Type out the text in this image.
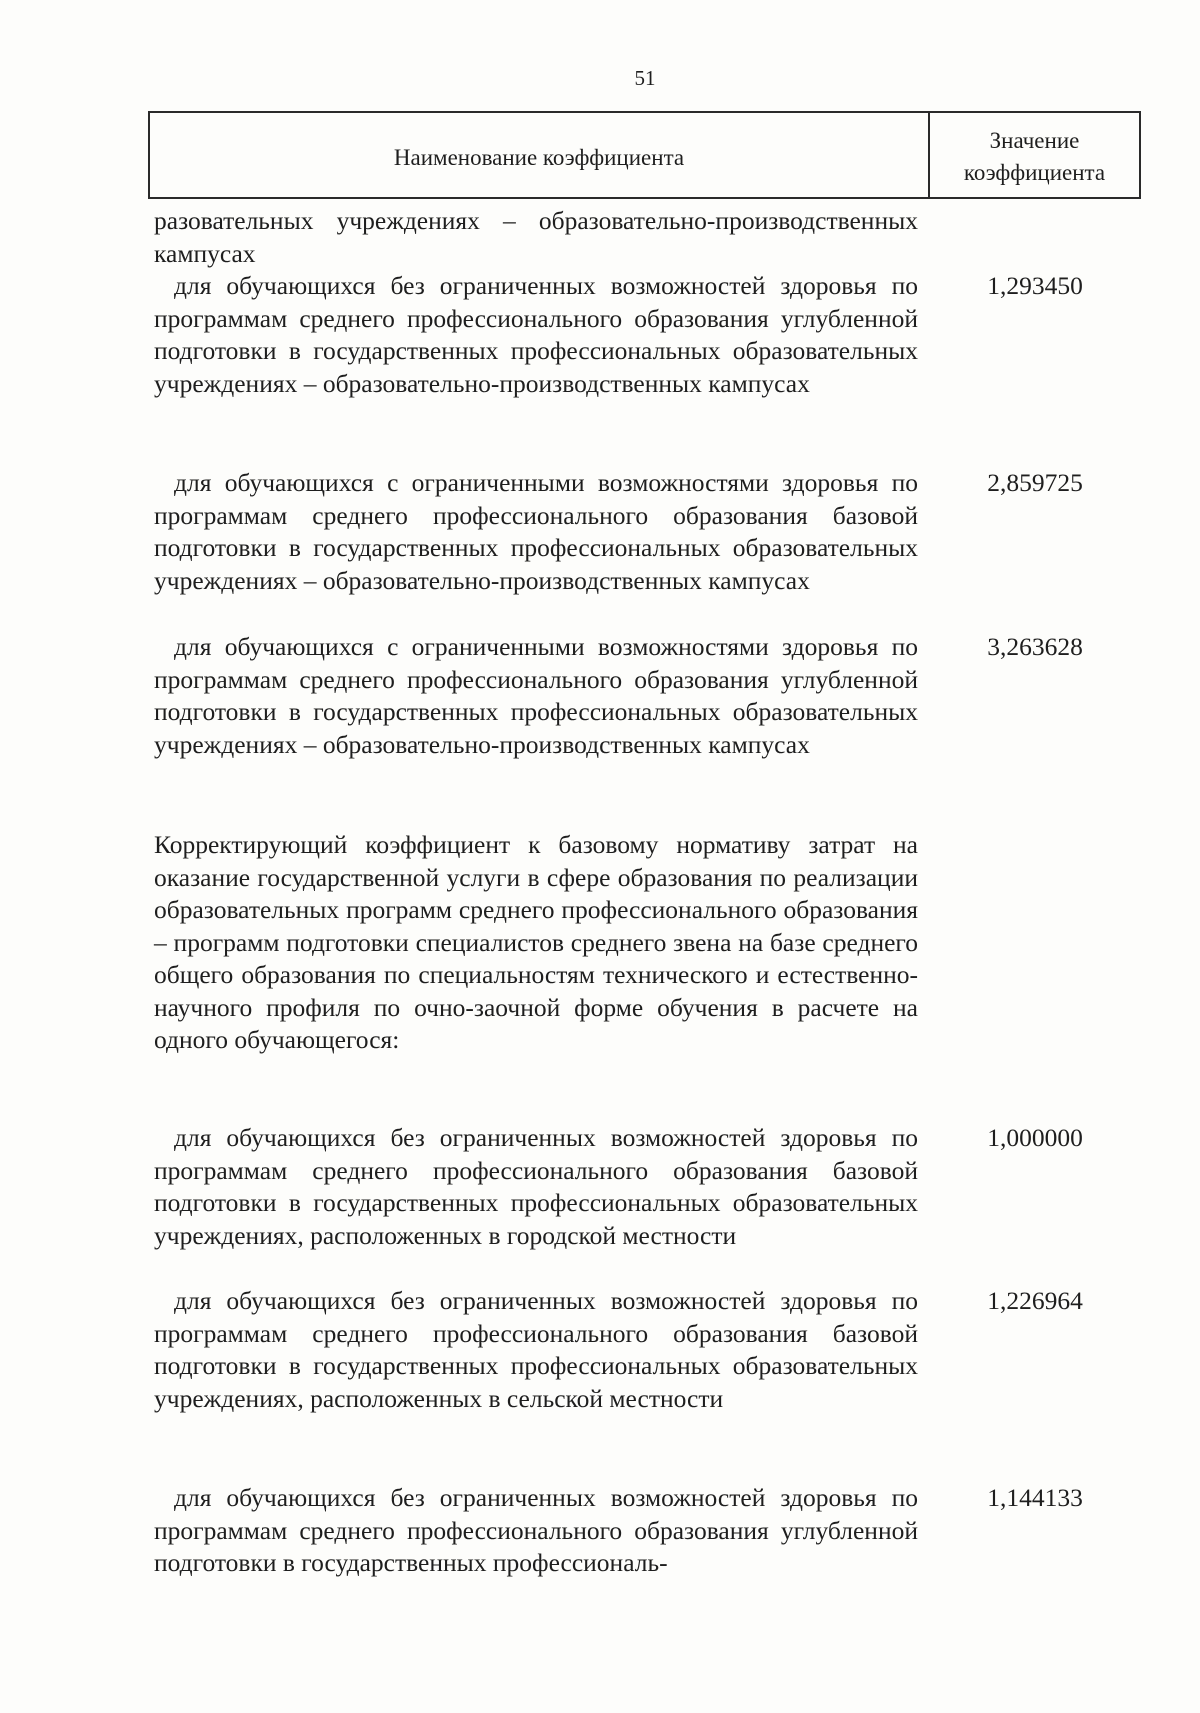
51
Наименование коэффициента
Значение
коэффициента
разовательных учреждениях – образовательно-производственных кампусах
для обучающихся без ограниченных возможностей здоровья по программам среднего профессионального образования углубленной подготовки в государственных профессиональных образовательных учреждениях – образовательно-производственных кампусах
1,293450
для обучающихся с ограниченными возможностями здоровья по программам среднего профессионального образования базовой подготовки в государственных профессиональных образовательных учреждениях – образовательно-производственных кампусах
2,859725
для обучающихся с ограниченными возможностями здоровья по программам среднего профессионального образования углубленной подготовки в государственных профессиональных образовательных учреждениях – образовательно-производственных кампусах
3,263628
Корректирующий коэффициент к базовому нормативу затрат на оказание государственной услуги в сфере образования по реализации образовательных программ среднего профессионального образования – программ подготовки специалистов среднего звена на базе среднего общего образования по специальностям технического и естественно-научного профиля по очно-заочной форме обучения в расчете на одного обучающегося:
для обучающихся без ограниченных возможностей здоровья по программам среднего профессионального образования базовой подготовки в государственных профессиональных образовательных учреждениях, расположенных в городской местности
1,000000
для обучающихся без ограниченных возможностей здоровья по программам среднего профессионального образования базовой подготовки в государственных профессиональных образовательных учреждениях, расположенных в сельской местности
1,226964
для обучающихся без ограниченных возможностей здоровья по программам среднего профессионального образования углубленной подготовки в государственных профессиональ-
1,144133
